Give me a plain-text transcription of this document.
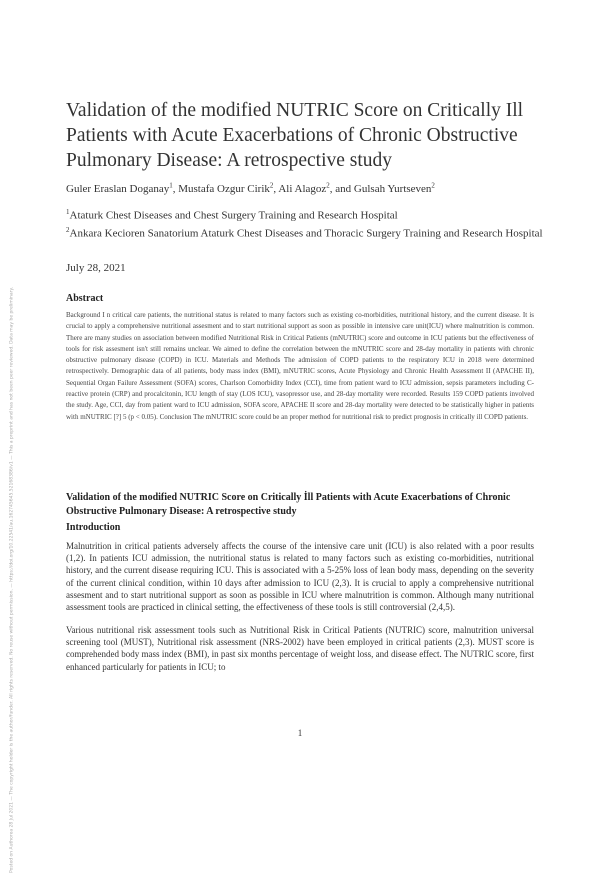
Posted on Authorea 28 Jul 2021 — The copyright holder is the author/funder. All rights reserved. No reuse without permission. — https://doi.org/10.22541/au.162745645.52168386/v1 — This a preprint and has not been peer reviewed. Data may be preliminary.
Validation of the modified NUTRIC Score on Critically Ill Patients with Acute Exacerbations of Chronic Obstructive Pulmonary Disease: A retrospective study
Guler Eraslan Doganay$^1$, Mustafa Ozgur Cirik$^2$, Ali Alagoz$^2$, and Gulsah Yurtseven$^2$
$^1$Ataturk Chest Diseases and Chest Surgery Training and Research Hospital
$^2$Ankara Kecioren Sanatorium Ataturk Chest Diseases and Thoracic Surgery Training and Research Hospital
July 28, 2021
Abstract
Background I n critical care patients, the nutritional status is related to many factors such as existing co-morbidities, nutritional history, and the current disease. It is crucial to apply a comprehensive nutritional assesment and to start nutritional support as soon as possible in intensive care unit(ICU) where malnutrition is common. There are many studies on association between modified Nutritional Risk in Critical Patients (mNUTRIC) score and outcome in ICU patients but the effectiveness of tools for risk assesment isn't still remains unclear. We aimed to define the correlation between the mNUTRIC score and 28-day mortality in patients with chronic obstructive pulmonary disease (COPD) in ICU. Materials and Methods The admission of COPD patients to the respiratory ICU in 2018 were determined retrospectively. Demographic data of all patients, body mass index (BMI), mNUTRIC scores, Acute Physiology and Chronic Health Assessment II (APACHE II), Sequential Organ Failure Assessment (SOFA) scores, Charlson Comorbidity Index (CCI), time from patient ward to ICU admission, sepsis parameters including C-reactive protein (CRP) and procalcitonin, ICU length of stay (LOS ICU), vasopressor use, and 28-day mortality were recorded. Results 159 COPD patients involved the study. Age, CCI, day from patient ward to ICU admission, SOFA score, APACHE II score and 28-day mortality were detected to be statistically higher in patients with mNUTRIC [?] 5 (p < 0.05). Conclusion The mNUTRIC score could be an proper method for nutritional risk to predict prognosis in critically ill COPD patients.
Validation of the modified NUTRIC Score on Critically İll Patients with Acute Exacerbations of Chronic Obstructive Pulmonary Disease: A retrospective study
Introduction
Malnutrition in critical patients adversely affects the course of the intensive care unit (ICU) is also related with a poor results (1,2). In patients ICU admission, the nutritional status is related to many factors such as existing co-morbidities, nutritional history, and the current disease requiring ICU. This is associated with a 5-25% loss of lean body mass, depending on the severity of the current clinical condition, within 10 days after admission to ICU (2,3). It is crucial to apply a comprehensive nutritional assesment and to start nutritional support as soon as possible in ICU where malnutrition is common. Although many nutritional assessment tools are practiced in clinical setting, the effectiveness of these tools is still controversial (2,4,5).
Various nutritional risk assessment tools such as Nutritional Risk in Critical Patients (NUTRIC) score, malnutrition universal screening tool (MUST), Nutritional risk assessment (NRS-2002) have been employed in critical patients (2,3). MUST score is comprehended body mass index (BMI), in past six months percentage of weight loss, and disease effect. The NUTRIC score, first enhanced particularly for patients in ICU; to
1
